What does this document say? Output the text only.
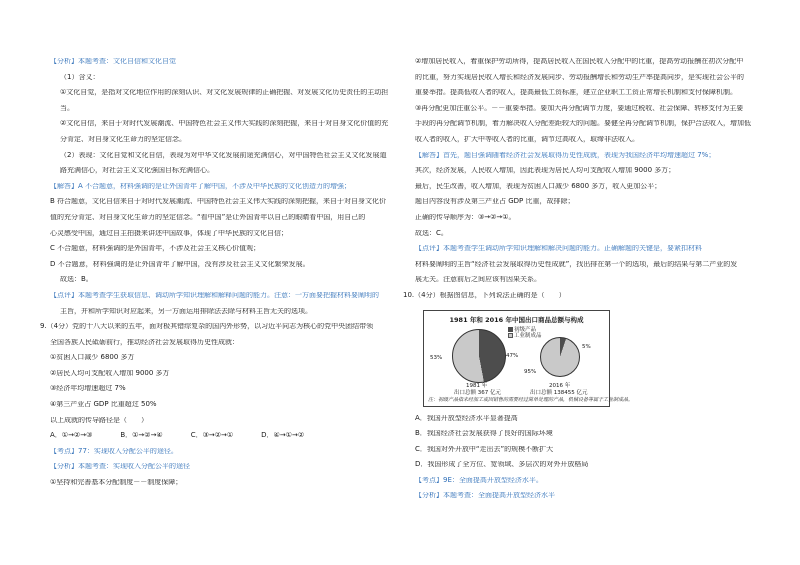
【分析】本题考查：文化自信和文化自觉
（1）含义：
①文化自觉，是指对文化地位作用的深刻认识、对文化发展规律的正确把握、对发展文化历史责任的主动担
当。
②文化自信，来自于对时代发展潮流、中国特色社会主义伟大实践的深刻把握，来自于对自身文化价值的充
分肯定、对自身文化生命力的坚定信念。
（2）表现：文化自觉和文化自信，表现为对中华文化发展前途充满信心，对中国特色社会主义文化发展道
路充满信心，对社会主义文化强国目标充满信心。
【解答】A 不合题意，材料强调的是让外国青年了解中国，不涉及中华民族的文化创造力的增强；
B 符合题意，文化自信来自于对时代发展潮流、中国特色社会主义伟大实践的深刻把握，来自于对自身文化价
值的充分肯定、对自身文化生命力的坚定信念。“看中国”是让外国青年以自己的眼睛看中国，用自己的
心灵感受中国，通过自主拍摄来讲述中国故事，体现了中华民族的文化自信；
C 不合题意，材料强调的是外国青年，不涉及社会主义核心价值观；
D 不合题意，材料强调的是让外国青年了解中国，没有涉及社会主义文化繁荣发展。
故选：B。
【点评】本题考查学生获取信息、调动所学知识理解和解释问题的能力。注意：一方面要把握材料要阐明的
主旨，并和所学知识对应起来，另一方面运用排除法去除与材料主旨无关的选项。
9.（4分）党的十八大以来的五年，面对极其错综复杂的国内外形势，以习近平同志为核心的党中央团结带领
全国各族人民砥砺前行，推动经济社会发展取得历史性成就：
①贫困人口减少 6800 多万
②居民人均可支配收入增加 9000 多万
③经济年均增速超过 7%
④第三产业占 GDP 比重超过 50%
以上成就的传导路径是（　　）
A．①→②→③　　　　B．①→②→④　　　　C．③→②→①　　　　D．④→①→②
【考点】77：实现收入分配公平的途径。
【分析】本题考查：实现收入分配公平的途径
①坚持和完善基本分配制度－－制度保障；
②增加居民收入，着重保护劳动所得，提高居民收入在国民收入分配中的比重，提高劳动报酬在初次分配中
的比重，努力实现居民收入增长和经济发展同步、劳动报酬增长和劳动生产率提高同步，是实现社会公平的
重要举措。提高低收入者的收入，提高最低工资标准，建立企业职工工资正常增长机制和支付保障机制。
③再分配更加注重公平。－－重要举措。要加大再分配调节力度，要通过税收、社会保障、转移支付为主要
手段的再分配调节机制，着力解决收入分配差距较大的问题。要健全再分配调节机制，保护合法收入，增加低
收入者的收入，扩大中等收入者的比重，调节过高收入，取缔非法收入。
【解答】首先，题目强调随着经济社会发展取得历史性成就，表现为我国经济年均增速超过 7%；
其次，经济发展，人民收入增加，因此表现为居民人均可支配收入增加 9000 多万；
最后，民生改善，收入增加，表现为贫困人口减少 6800 多万，收入更加公平；
题目内容没有涉及第三产业占 GDP 比重，故排除；
正确的传导顺序为：③→②→①。
故选：C。
【点评】本题考查学生调动所学知识理解和解决问题的能力。正确解题的关键是，要紧扣材料
材料要阐明的主旨“经济社会发展取得历史性成就”，找出排在第一个的选项，最后的结果与第二产业的发
展无关。注意前后之间应该有因果关系。
10.（4分）根据图信息，下列说法正确的是（　　）
1981 年和 2016 年中国出口商品总额与构成
初级产品
工业制成品
47%
53%
5%
95%
1981 年
出口总额 367 亿元
2016 年
出口总额 138455 亿元
注：初级产品指未经加工或因销售的需要经过简单处理的产品，机械设备等属于工业制成品。
A．我国开放型经济水平显著提高
B．我国经济社会发展获得了良好的国际环境
C．我国对外开放中“走出去”的规模不断扩大
D．我国形成了全方位、宽领域、多层次的对外开放格局
【考点】9E：全面提高开放型经济水平。
【分析】本题考查：全面提高开放型经济水平
